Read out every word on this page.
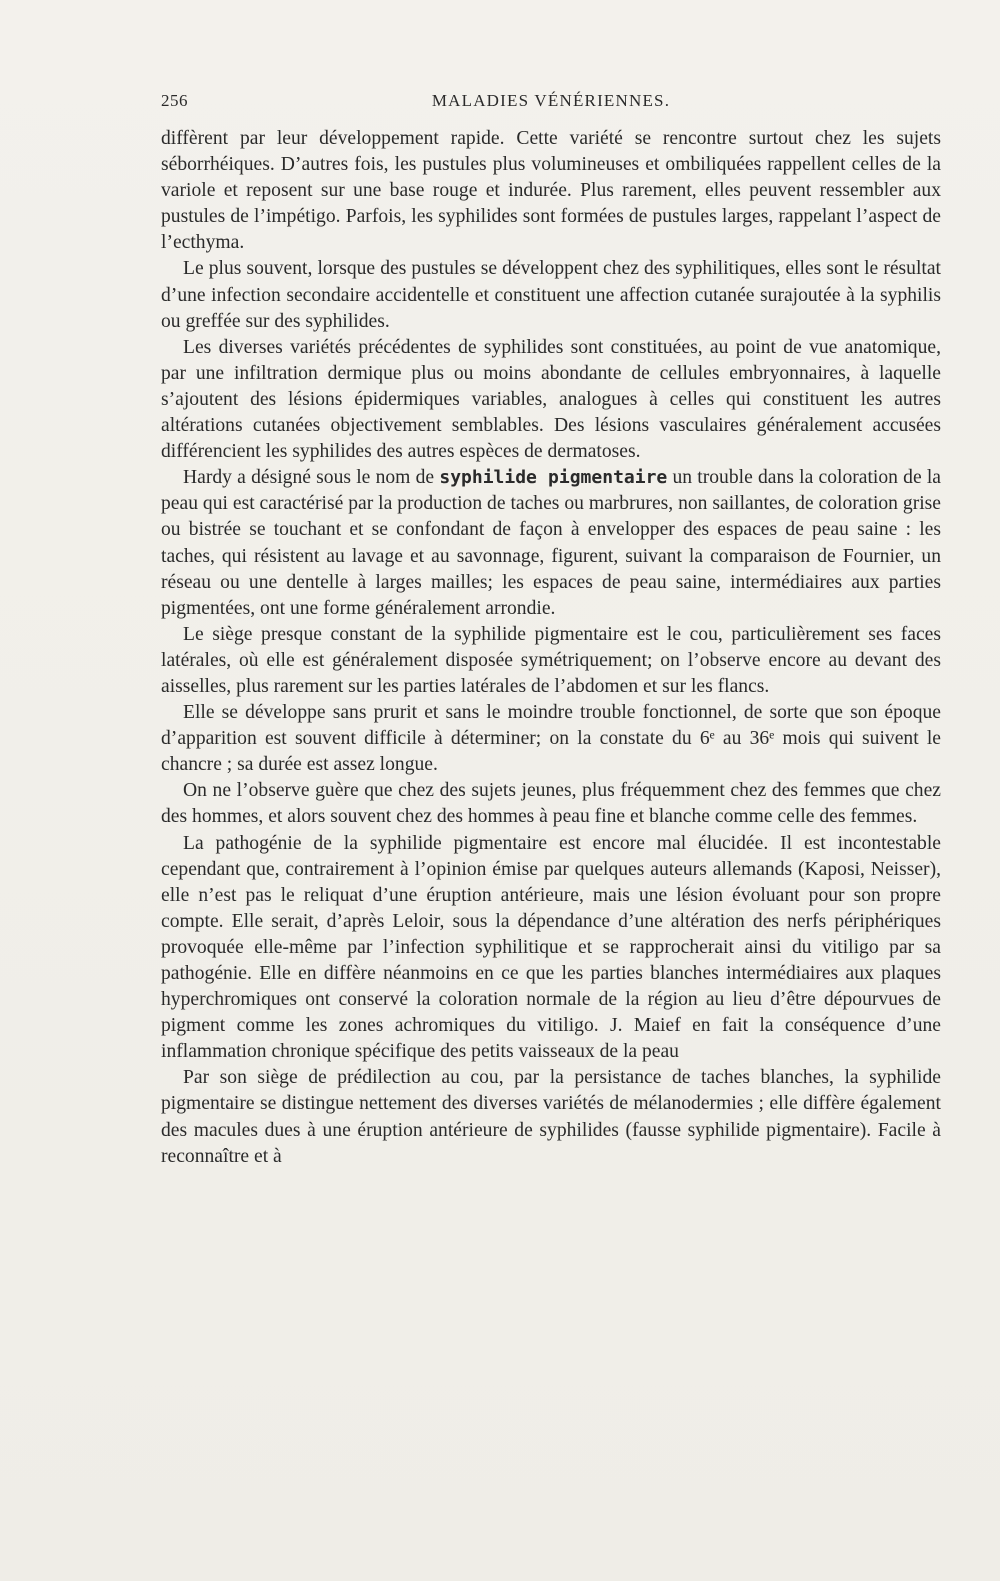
256	MALADIES VÉNÉRIENNES.

diffèrent par leur développement rapide. Cette variété se rencontre surtout chez les sujets séborrhéiques. D’autres fois, les pustules plus volumineuses et ombiliquées rappellent celles de la variole et reposent sur une base rouge et indurée. Plus rarement, elles peuvent ressembler aux pustules de l’impétigo. Parfois, les syphilides sont formées de pustules larges, rappelant l’aspect de l’ecthyma.

Le plus souvent, lorsque des pustules se développent chez des syphilitiques, elles sont le résultat d’une infection secondaire accidentelle et constituent une affection cutanée surajoutée à la syphilis ou greffée sur des syphilides.

Les diverses variétés précédentes de syphilides sont constituées, au point de vue anatomique, par une infiltration dermique plus ou moins abondante de cellules embryonnaires, à laquelle s’ajoutent des lésions épidermiques variables, analogues à celles qui constituent les autres altérations cutanées objectivement semblables. Des lésions vasculaires généralement accusées différencient les syphilides des autres espèces de dermatoses.

Hardy a désigné sous le nom de syphilide pigmentaire un trouble dans la coloration de la peau qui est caractérisé par la production de taches ou marbrures, non saillantes, de coloration grise ou bistrée se touchant et se confondant de façon à envelopper des espaces de peau saine : les taches, qui résistent au lavage et au savonnage, figurent, suivant la comparaison de Fournier, un réseau ou une dentelle à larges mailles; les espaces de peau saine, intermédiaires aux parties pigmentées, ont une forme généralement arrondie.

Le siège presque constant de la syphilide pigmentaire est le cou, particulièrement ses faces latérales, où elle est généralement disposée symétriquement; on l’observe encore au devant des aisselles, plus rarement sur les parties latérales de l’abdomen et sur les flancs.

Elle se développe sans prurit et sans le moindre trouble fonctionnel, de sorte que son époque d’apparition est souvent difficile à déterminer; on la constate du 6ᵉ au 36ᵉ mois qui suivent le chancre ; sa durée est assez longue.

On ne l’observe guère que chez des sujets jeunes, plus fréquemment chez des femmes que chez des hommes, et alors souvent chez des hommes à peau fine et blanche comme celle des femmes.

La pathogénie de la syphilide pigmentaire est encore mal élucidée. Il est incontestable cependant que, contrairement à l’opinion émise par quelques auteurs allemands (Kaposi, Neisser), elle n’est pas le reliquat d’une éruption antérieure, mais une lésion évoluant pour son propre compte. Elle serait, d’après Leloir, sous la dépendance d’une altération des nerfs périphériques provoquée elle-même par l’infection syphilitique et se rapprocherait ainsi du vitiligo par sa pathogénie. Elle en diffère néanmoins en ce que les parties blanches intermédiaires aux plaques hyperchromiques ont conservé la coloration normale de la région au lieu d’être dépourvues de pigment comme les zones achromiques du vitiligo. J. Maief en fait la conséquence d’une inflammation chronique spécifique des petits vaisseaux de la peau

Par son siège de prédilection au cou, par la persistance de taches blanches, la syphilide pigmentaire se distingue nettement des diverses variétés de mélanodermies ; elle diffère également des macules dues à une éruption antérieure de syphilides (fausse syphilide pigmentaire). Facile à reconnaître et à
